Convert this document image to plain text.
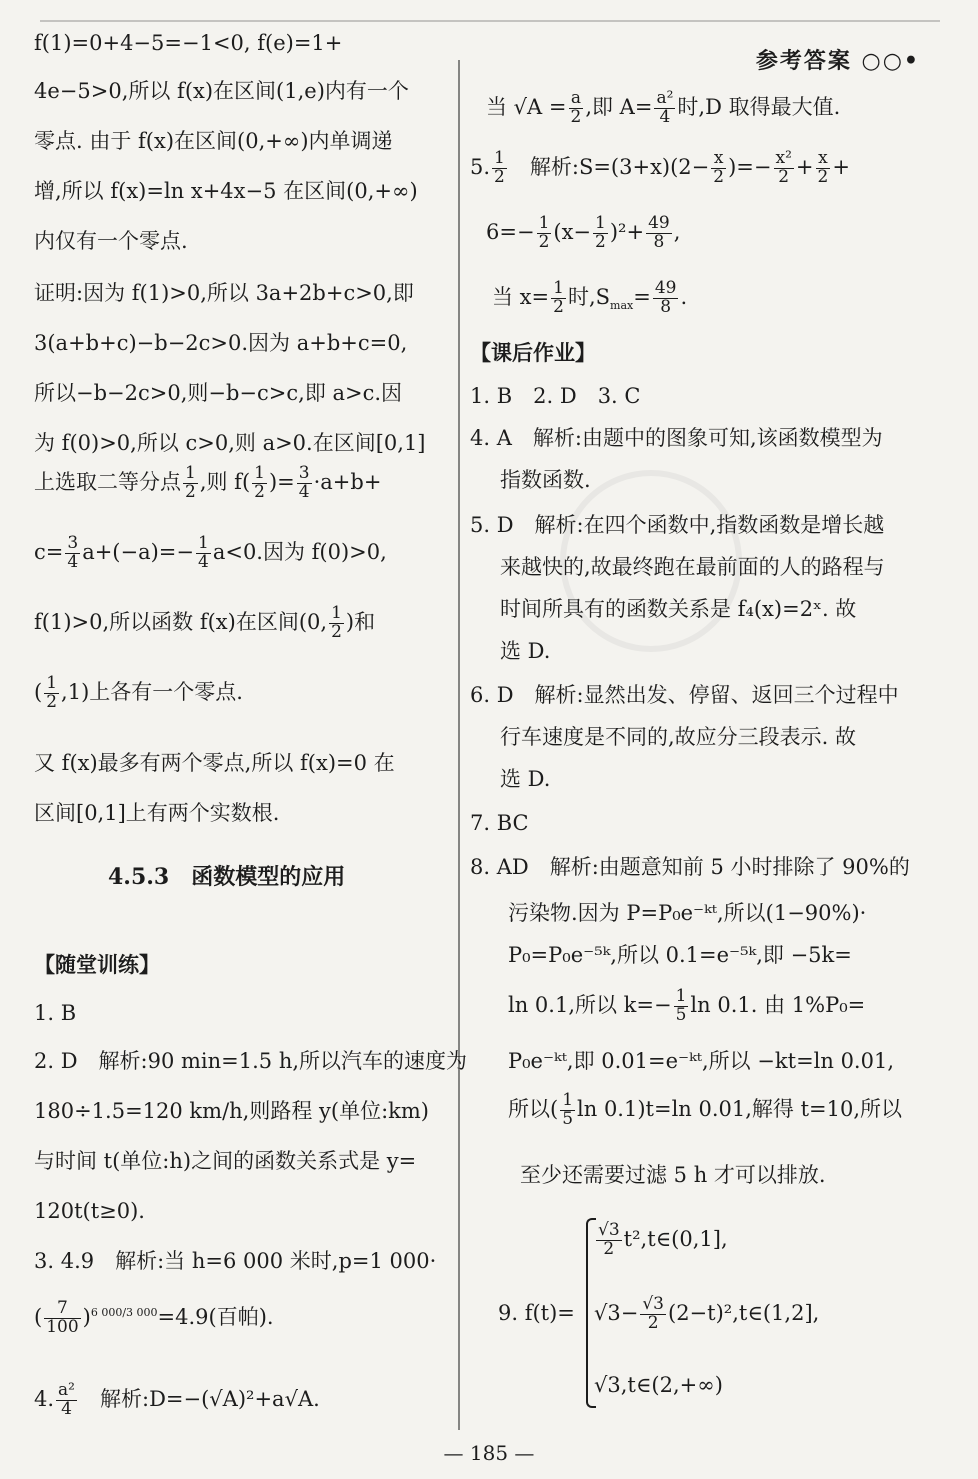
参考答案 ○○•
f(1)=0+4−5=−1<0, f(e)=1+
4e−5>0,所以 f(x)在区间(1,e)内有一个
零点. 由于 f(x)在区间(0,+∞)内单调递
增,所以 f(x)=ln x+4x−5 在区间(0,+∞)
内仅有一个零点.
证明:因为 f(1)>0,所以 3a+2b+c>0,即
3(a+b+c)−b−2c>0.因为 a+b+c=0,
所以−b−2c>0,则−b−c>c,即 a>c.因
为 f(0)>0,所以 c>0,则 a>0.在区间[0,1]
上选取二等分点 $\frac{1}{2}$ ,则 $f( \frac{1}{2}$ )= $\frac{3}{4} \cdot a+b+$
$c= \frac{3}{4} a+(-a)=- \frac{1}{4} a<0$.因为 f(0)>0,
f(1)>0,所以函数 f(x)在区间(0, $\frac{1}{2}$ )和
( $\frac{1}{2} ,1$)上各有一个零点.
又 f(x)最多有两个零点,所以 f(x)=0 在
区间[0,1]上有两个实数根.
【随堂训练】
1. B
2. D　解析:90 min=1.5 h,所以汽车的速度为
180÷1.5=120 km/h,则路程 y(单位:km)
与时间 t(单位:h)之间的函数关系式是 y=
120t(t≥0).
3. 4.9　解析:当 h=6 000 米时,p=1 000·
( $\frac{7}{100} )^{6 000/3 000}=4.9$(百帕).
4. $\frac{\text{a²}}{4}$ 　解析:D=−(√A)²+a√A.
4.5.3　函数模型的应用
当 $√A = \frac{a}{2}$ ,即 $A= \frac{\text{a²}}{4}$ 时,D 取得最大值.
5. $\frac{1}{2}$ 　解析:S=(3+x)(2− $\frac{x}{2}$ )=− $\frac{\text{x²}}{2} + \frac{x}{2}$ +
$6=- \frac{1}{2} (x- \frac{1}{2} )^2+ \frac{49}{8}$ ,
当 $x= \frac{1}{2}$ 时$,S_{max}= \frac{49}{8}$ .
【课后作业】
1. B　2. D　3. C
4. A　解析:由题中的图象可知,该函数模型为
指数函数.
5. D　解析:在四个函数中,指数函数是增长越
来越快的,故最终跑在最前面的人的路程与
时间所具有的函数关系是 f₄(x)=2ˣ. 故
选 D.
6. D　解析:显然出发、停留、返回三个过程中
行车速度是不同的,故应分三段表示. 故
选 D.
7. BC
8. AD　解析:由题意知前 5 小时排除了 90%的
污染物.因为 P=P₀e⁻ᵏᵗ,所以(1−90%)·
P₀=P₀e⁻⁵ᵏ,所以 0.1=e⁻⁵ᵏ,即 −5k=
ln 0.1,所以 $k=- \frac{1}{5}$ ln 0.1. 由 1%P₀=
P₀e⁻ᵏᵗ,即 0.01=e⁻ᵏᵗ,所以 −kt=ln 0.01,
所以( $\frac{1}{5}$ ln 0.1)t=ln 0.01,解得 t=10,所以
至少还需要过滤 5 h 才可以排放.
9. f(t)=
$\frac{√3}{2}$ t²,t∈(0,1],
$√3- \frac{√3}{2}$ (2−t)²,t∈(1,2],
√3,t∈(2,+∞)
— 185 —
